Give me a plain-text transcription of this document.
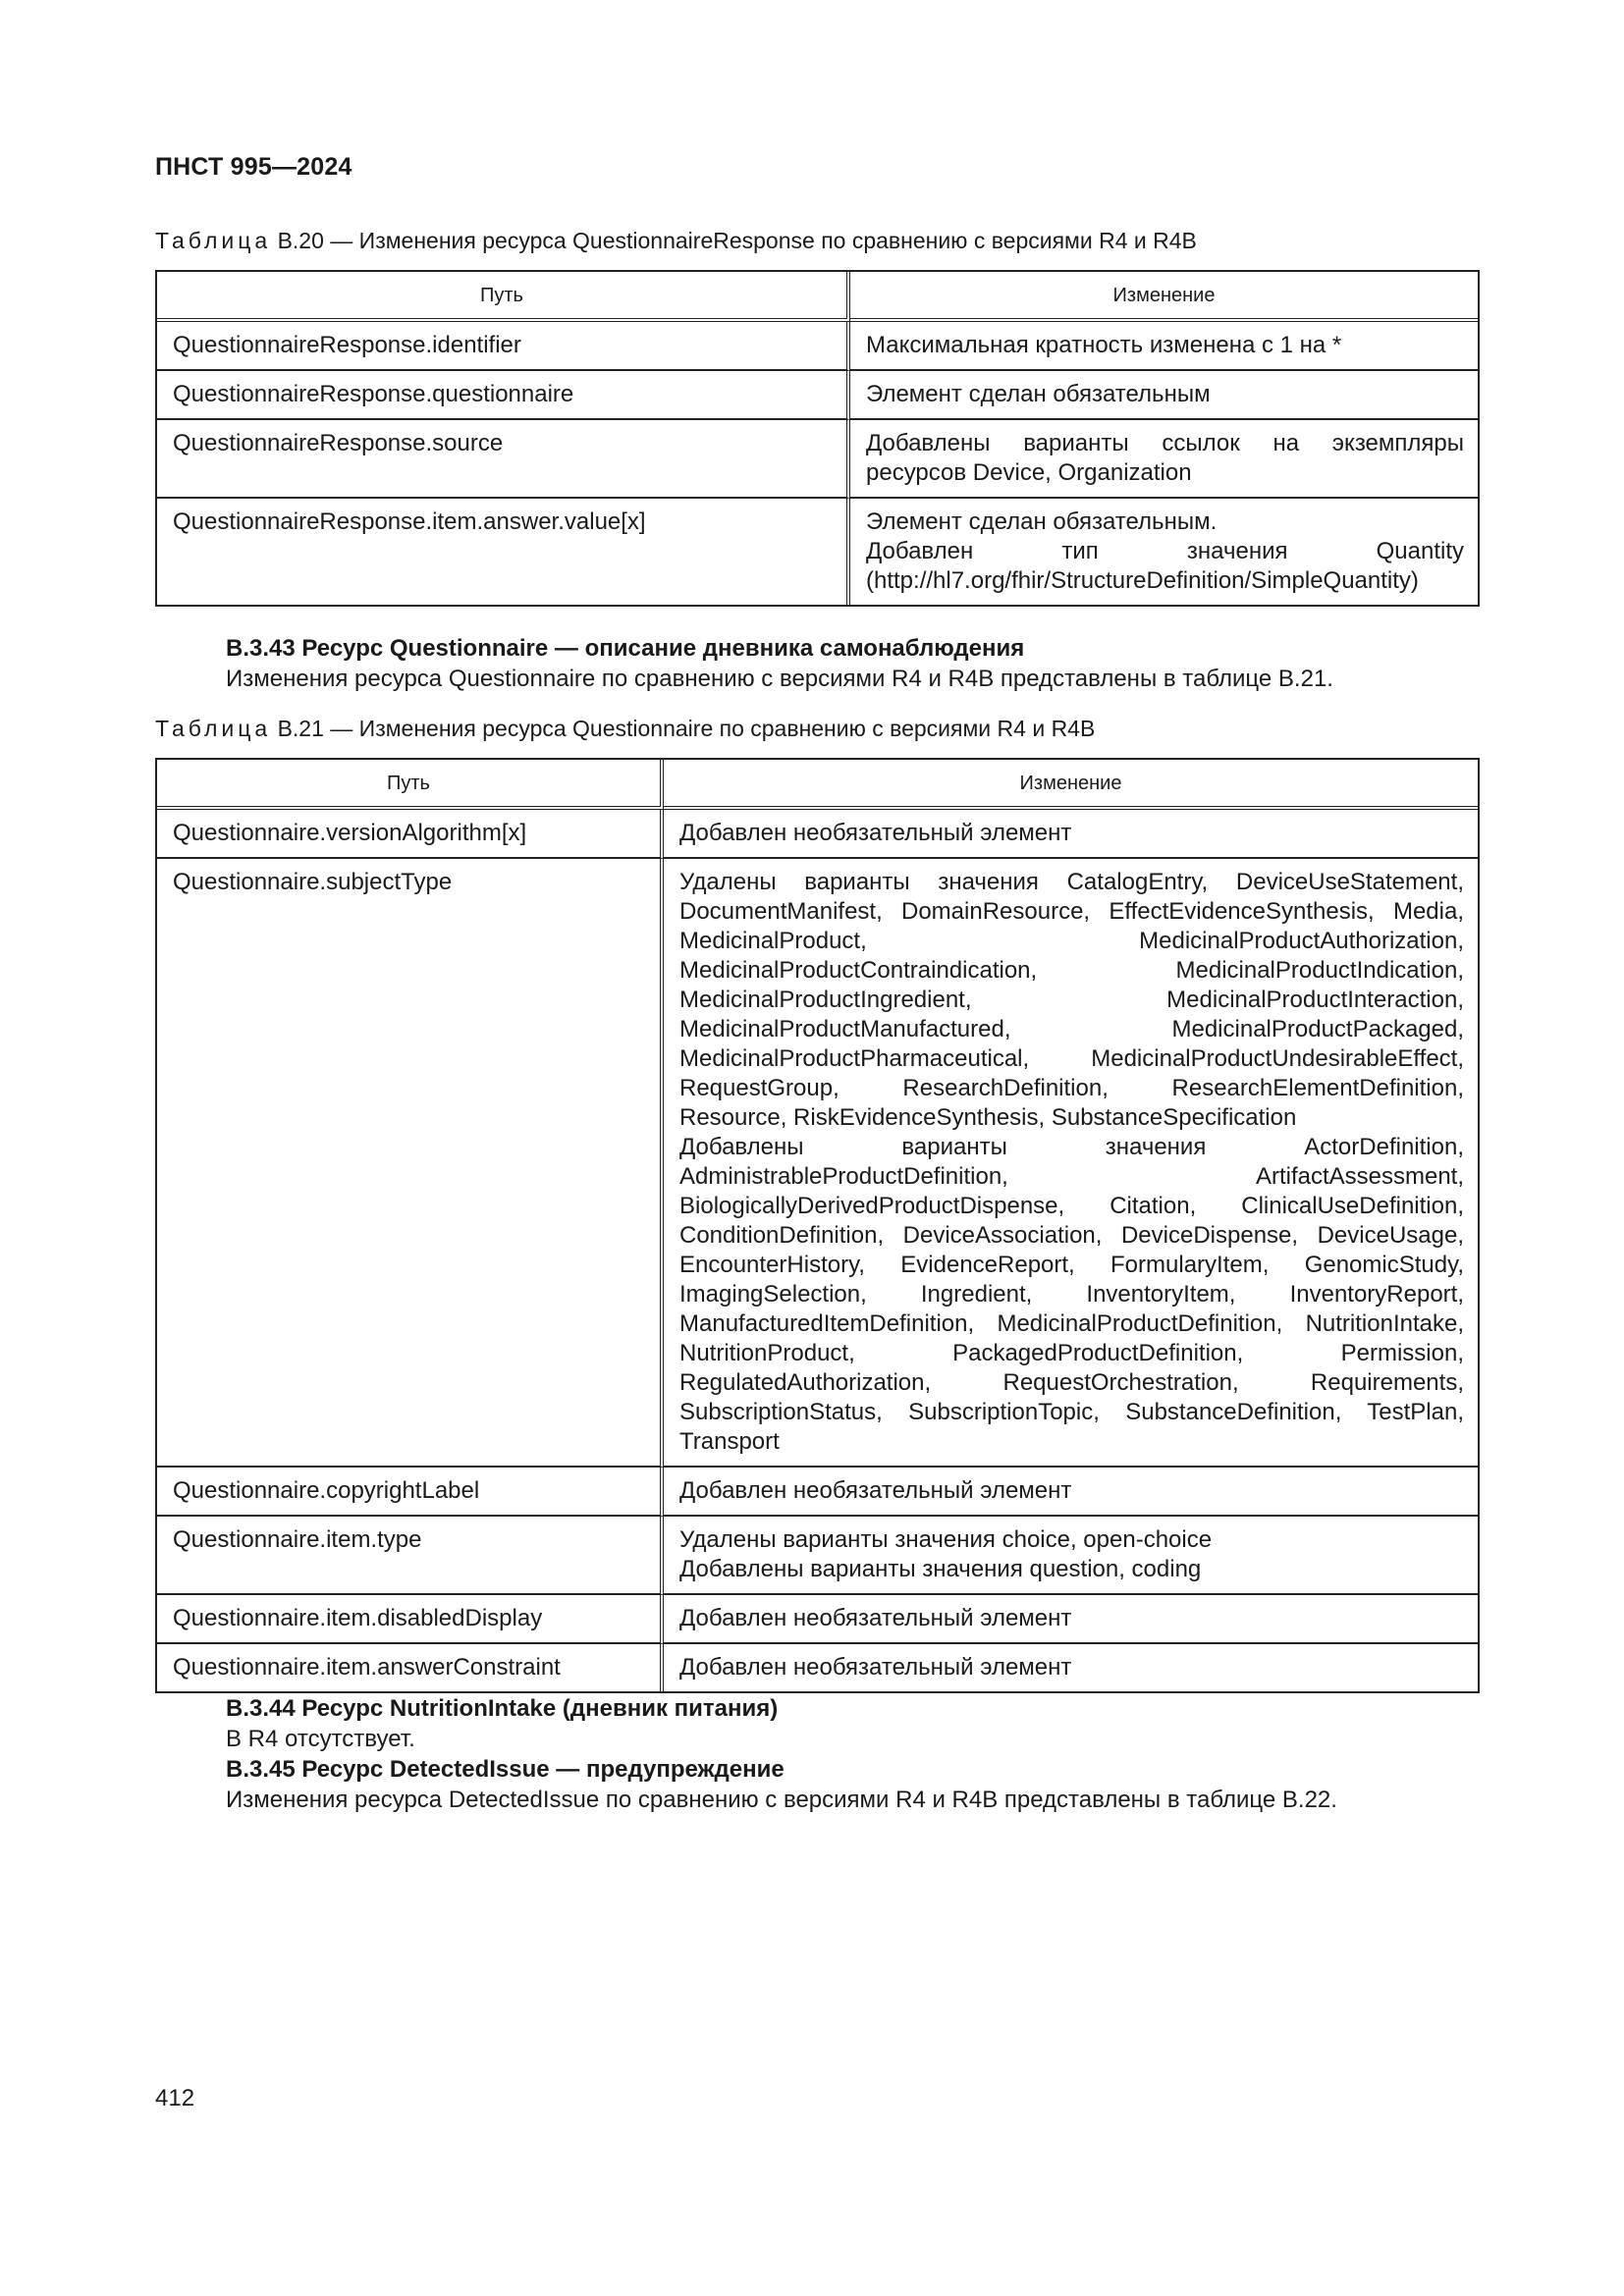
ПНСТ 995—2024
Таблица В.20 — Изменения ресурса QuestionnaireResponse по сравнению с версиями R4 и R4B
Путь	Изменение
QuestionnaireResponse.identifier	Максимальная кратность изменена с 1 на *

QuestionnaireResponse.questionnaire	Элемент сделан обязательным

QuestionnaireResponse.source	Добавлены варианты ссылок на экземпляры ресурсов Device, Organization

QuestionnaireResponse.item.answer.value[x]	Элемент сделан обязательным.
Добавлен тип значения Quantity (http://hl7.org/fhir/StructureDefinition/SimpleQuantity)
В.3.43 Ресурс Questionnaire — описание дневника самонаблюдения
Изменения ресурса Questionnaire по сравнению с версиями R4 и R4B представлены в таблице В.21.
Таблица В.21 — Изменения ресурса Questionnaire по сравнению с версиями R4 и R4B
Путь	Изменение
Questionnaire.versionAlgorithm[x]	Добавлен необязательный элемент

Questionnaire.subjectType	Удалены варианты значения CatalogEntry, DeviceUseStatement, DocumentManifest, DomainResource, EffectEvidenceSynthesis, Media, MedicinalProduct, MedicinalProductAuthorization, MedicinalProductContraindication, MedicinalProductIndication, MedicinalProductIngredient, MedicinalProductInteraction, MedicinalProductManufactured, MedicinalProductPackaged, MedicinalProductPharmaceutical, MedicinalProductUndesirableEffect, RequestGroup, ResearchDefinition, ResearchElementDefinition, Resource, RiskEvidenceSynthesis, SubstanceSpecification
Добавлены варианты значения ActorDefinition, AdministrableProductDefinition, ArtifactAssessment, BiologicallyDerivedProductDispense, Citation, ClinicalUseDefinition, ConditionDefinition, DeviceAssociation, DeviceDispense, DeviceUsage, EncounterHistory, EvidenceReport, FormularyItem, GenomicStudy, ImagingSelection, Ingredient, InventoryItem, InventoryReport, ManufacturedItemDefinition, MedicinalProductDefinition, NutritionIntake, NutritionProduct, PackagedProductDefinition, Permission, RegulatedAuthorization, RequestOrchestration, Requirements, SubscriptionStatus, SubscriptionTopic, SubstanceDefinition, TestPlan, Transport

Questionnaire.copyrightLabel	Добавлен необязательный элемент

Questionnaire.item.type	Удалены варианты значения choice, open-choice
Добавлены варианты значения question, coding

Questionnaire.item.disabledDisplay	Добавлен необязательный элемент

Questionnaire.item.answerConstraint	Добавлен необязательный элемент
В.3.44 Ресурс NutritionIntake (дневник питания)
В R4 отсутствует.
В.3.45 Ресурс DetectedIssue — предупреждение
Изменения ресурса DetectedIssue по сравнению с версиями R4 и R4B представлены в таблице В.22.
412
